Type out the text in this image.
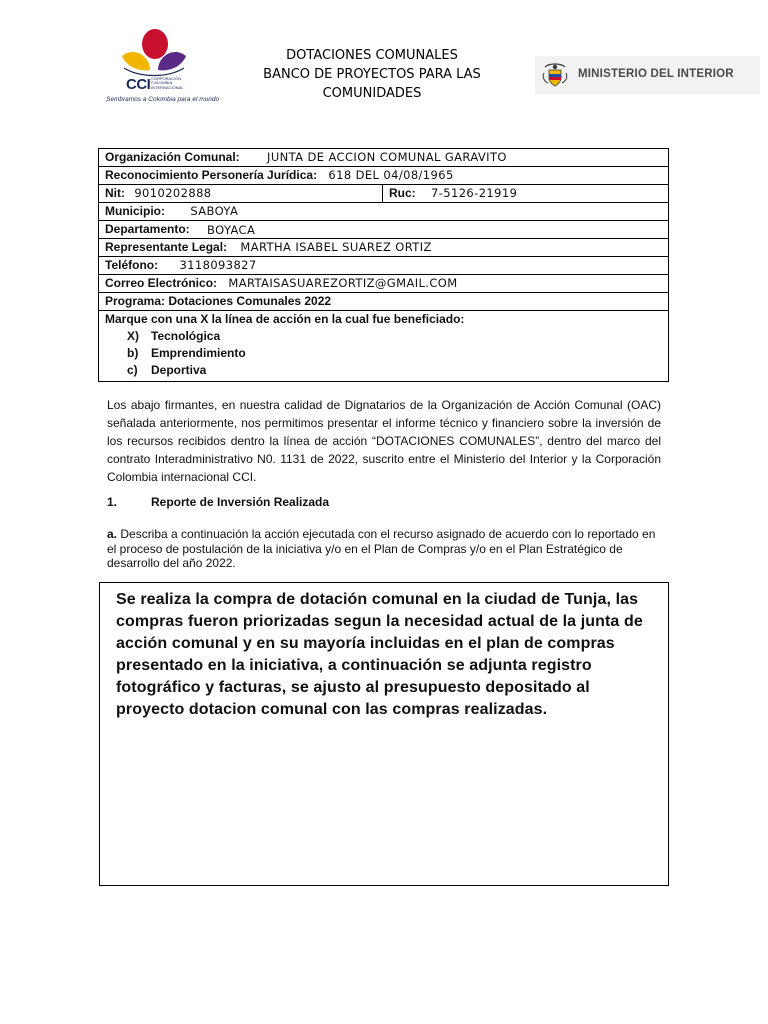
CCI CORPORACIÓN COLOMBIA INTERNACIONAL
Sembramos a Colombia para el mundo
DOTACIONES COMUNALES
BANCO DE PROYECTOS PARA LAS COMUNIDADES
MINISTERIO DEL INTERIOR
Organización Comunal: JUNTA DE ACCION COMUNAL GARAVITO
Reconocimiento Personería Jurídica: 618 DEL 04/08/1965
Nit: 9010202888	Ruc: 7-5126-21919
Municipio: SABOYA
Departamento: BOYACA
Representante Legal: MARTHA ISABEL SUAREZ ORTIZ
Teléfono: 3118093827
Correo Electrónico: MARTAISASUAREZORTIZ@GMAIL.COM
Programa: Dotaciones Comunales 2022
Marque con una X la línea de acción en la cual fue beneficiado:
X) Tecnológica
b) Emprendimiento
c) Deportiva
Los abajo firmantes, en nuestra calidad de Dignatarios de la Organización de Acción Comunal (OAC) señalada anteriormente, nos permitimos presentar el informe técnico y financiero sobre la inversión de los recursos recibidos dentro la línea de acción “DOTACIONES COMUNALES”, dentro del marco del contrato Interadministrativo N0. 1131 de 2022, suscrito entre el Ministerio del Interior y la Corporación Colombia internacional CCI.
1.	Reporte de Inversión Realizada
a. Describa a continuación la acción ejecutada con el recurso asignado de acuerdo con lo reportado en el proceso de postulación de la iniciativa y/o en el Plan de Compras y/o en el Plan Estratégico de desarrollo del año 2022.
Se realiza la compra de dotación comunal en la ciudad de Tunja, las compras fueron priorizadas segun la necesidad actual de la junta de acción comunal y en su mayoría incluidas en el plan de compras presentado en la iniciativa, a continuación se adjunta registro fotográfico y facturas, se ajusto al presupuesto depositado al proyecto dotacion comunal con las compras realizadas.
